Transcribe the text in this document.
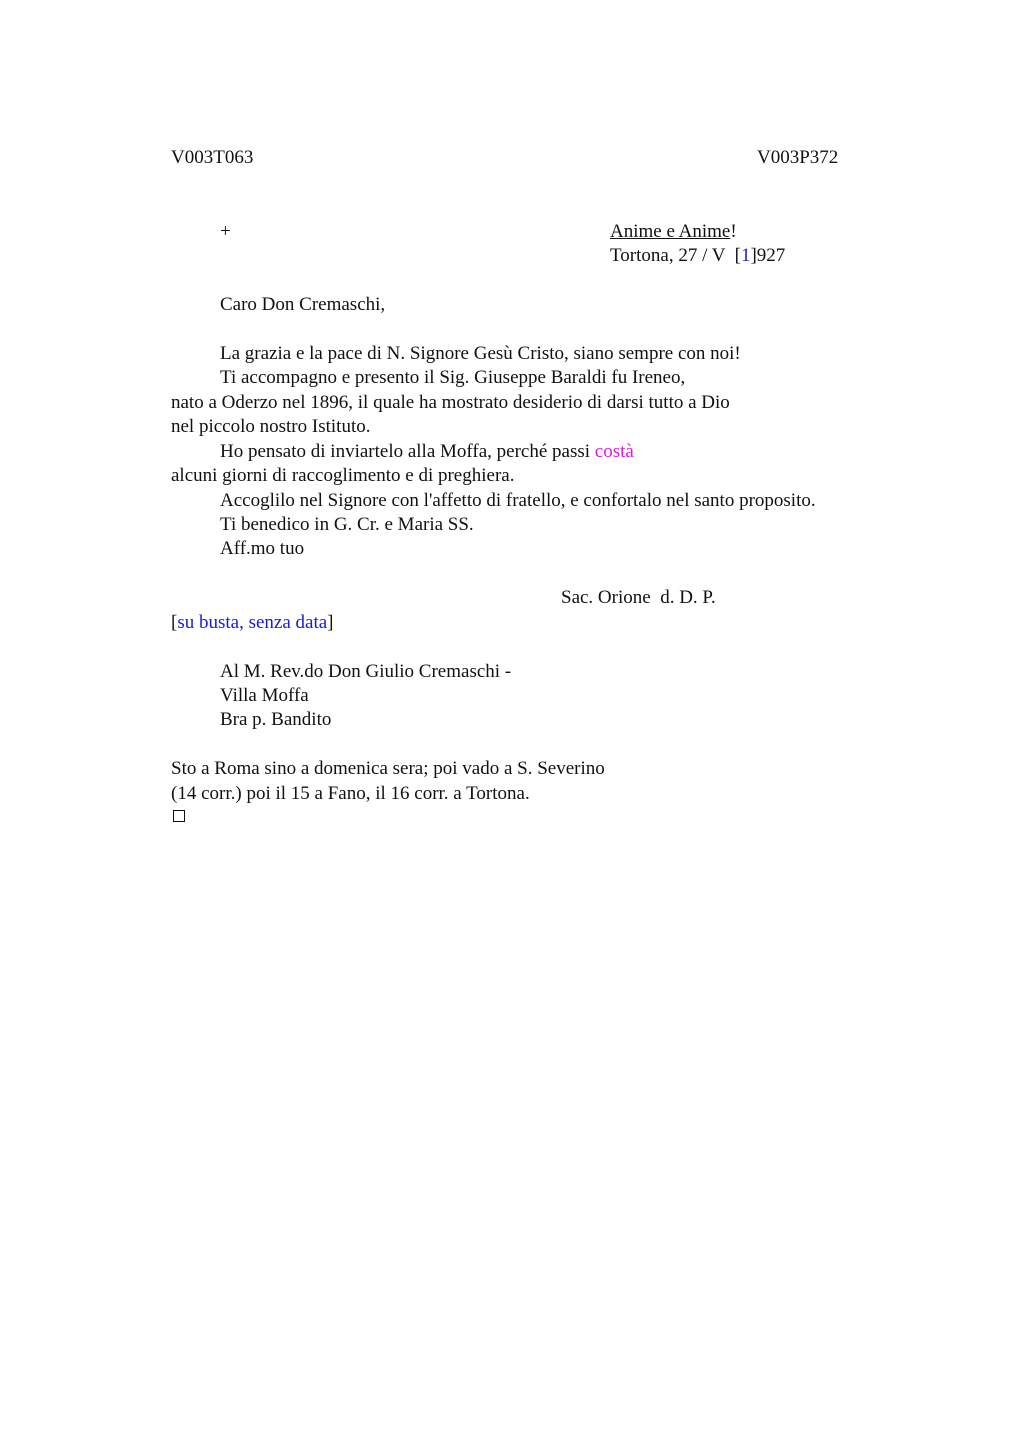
V003T063	V003P372
+	Anime e Anime!
Tortona, 27 / V  [1]927
Caro Don Cremaschi,
La grazia e la pace di N. Signore Gesù Cristo, siano sempre con noi!
Ti accompagno e presento il Sig. Giuseppe Baraldi fu Ireneo,
nato a Oderzo nel 1896, il quale ha mostrato desiderio di darsi tutto a Dio
nel piccolo nostro Istituto.
Ho pensato di inviartelo alla Moffa, perché passi costà
alcuni giorni di raccoglimento e di preghiera.
Accoglilo nel Signore con l'affetto di fratello, e confortalo nel santo proposito.
Ti benedico in G. Cr. e Maria SS.
Aff.mo tuo
Sac. Orione  d. D. P.
[su busta, senza data]
Al M. Rev.do Don Giulio Cremaschi -
Villa Moffa
Bra p. Bandito
Sto a Roma sino a domenica sera; poi vado a S. Severino
(14 corr.) poi il 15 a Fano, il 16 corr. a Tortona.
